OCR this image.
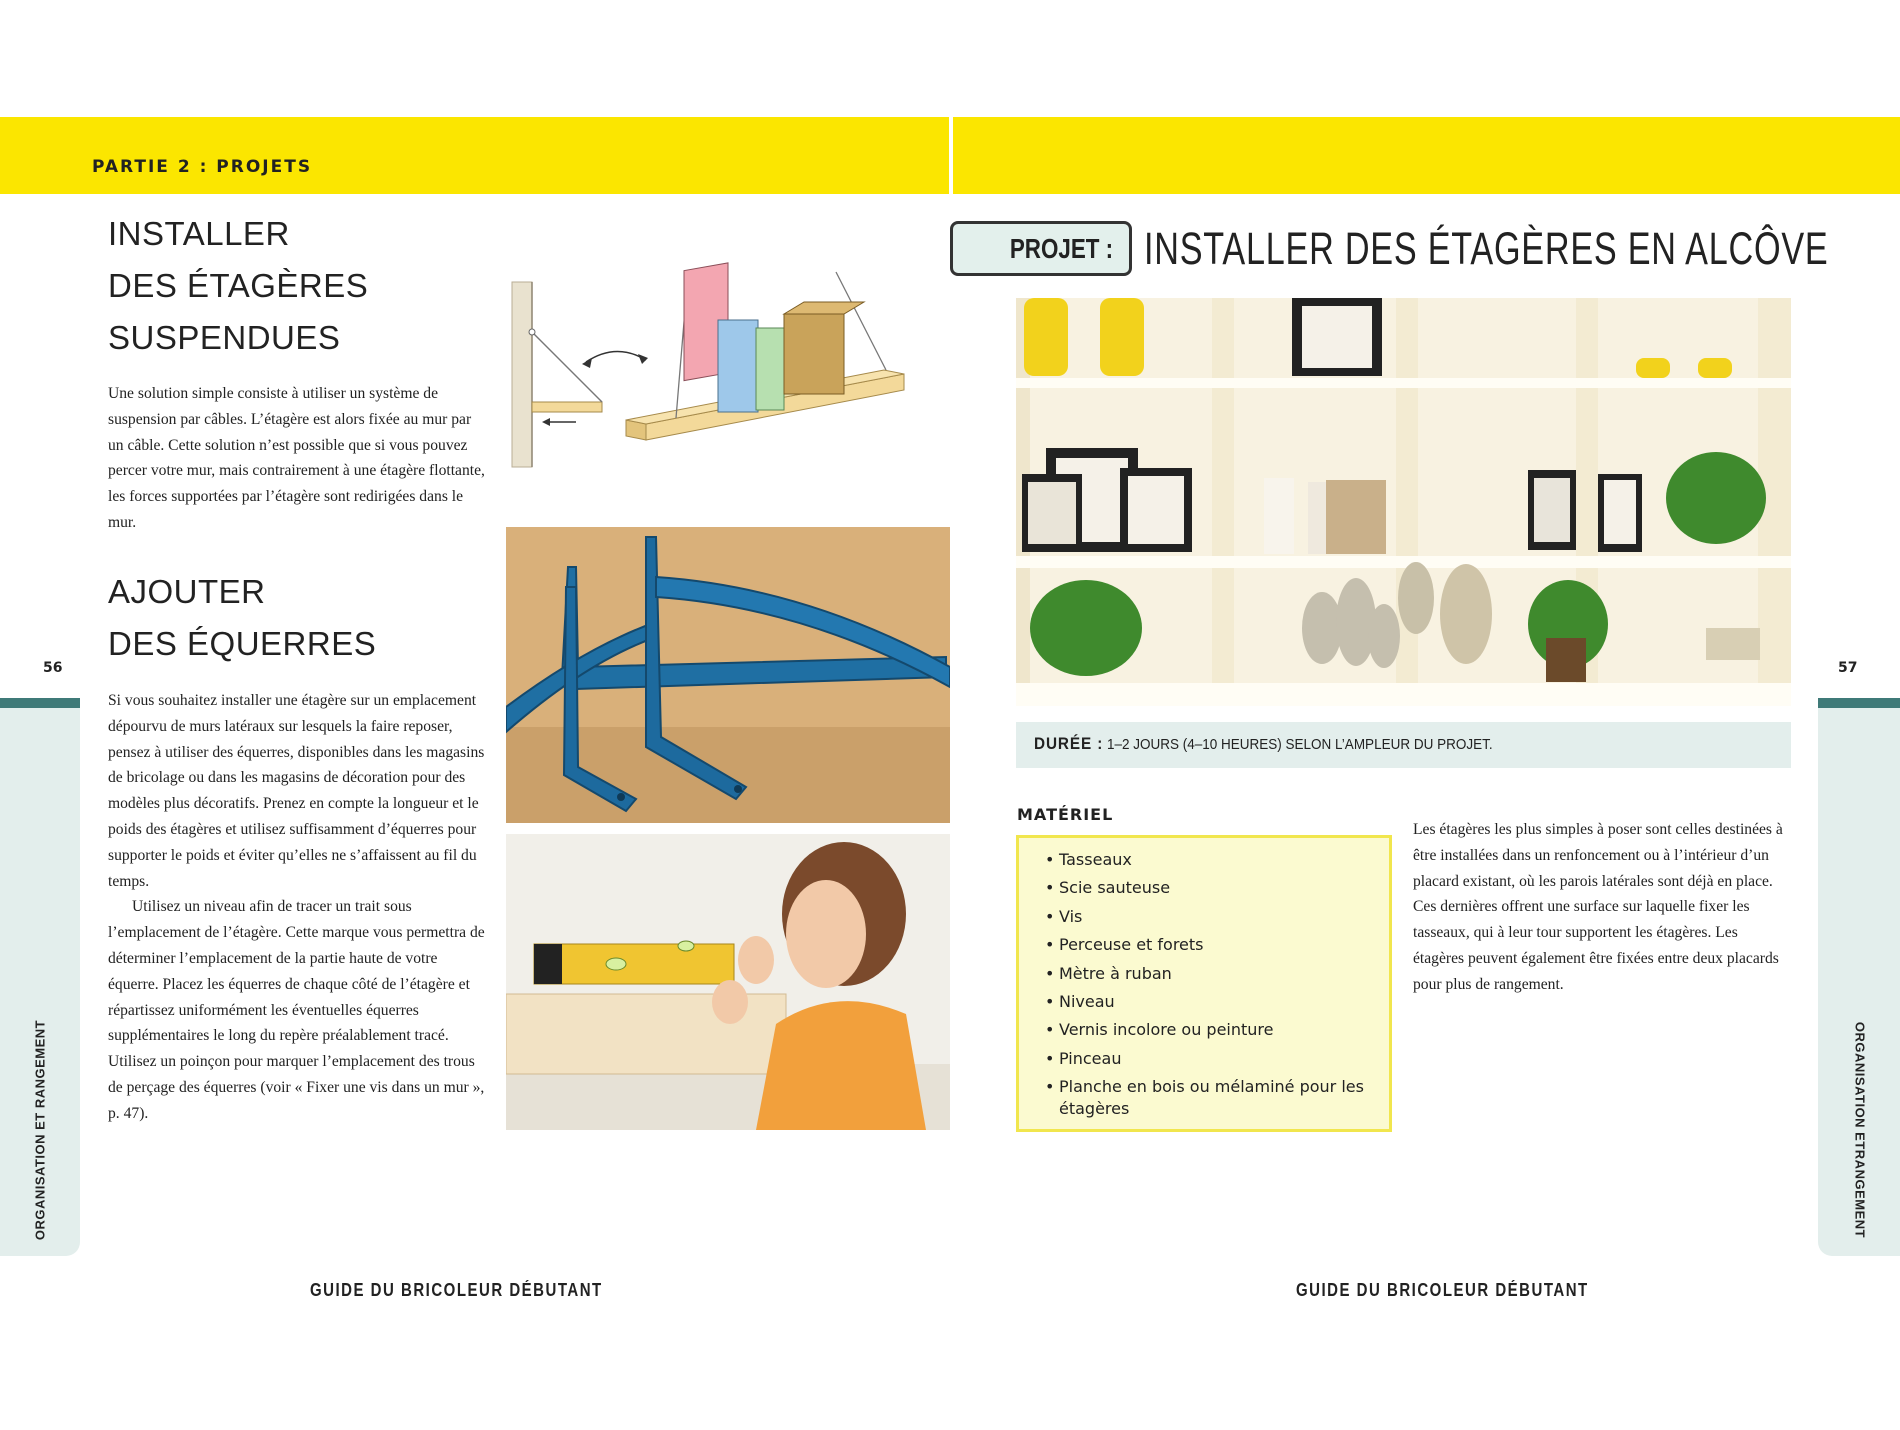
PARTIE 2 : PROJETS
INSTALLER
DES ÉTAGÈRES
SUSPENDUES

Une solution simple consiste à utiliser un système de suspension par câbles. L’étagère est alors fixée au mur par un câble. Cette solution n’est possible que si vous pouvez percer votre mur, mais contrairement à une étagère flottante, les forces supportées par l’étagère sont redirigées dans le mur.

AJOUTER
DES ÉQUERRES
Si vous souhaitez installer une étagère sur un emplacement dépourvu de murs latéraux sur lesquels la faire reposer, pensez à utiliser des équerres, disponibles dans les magasins de bricolage ou dans les magasins de décoration pour des modèles plus décoratifs. Prenez en compte la longueur et le poids des étagères et utilisez suffisamment d’équerres pour supporter le poids et éviter qu’elles ne s’affaissent au fil du temps.
Utilisez un niveau afin de tracer un trait sous l’emplacement de l’étagère. Cette marque vous permettra de déterminer l’emplacement de la partie haute de votre équerre. Placez les équerres de chaque côté de l’étagère et répartissez uniformément les éventuelles équerres supplémentaires le long du repère préalablement tracé. Utilisez un poinçon pour marquer l’emplacement des trous de perçage des équerres (voir « Fixer une vis dans un mur », p. 47).
56
ORGANISATION ET RANGEMENT
GUIDE DU BRICOLEUR DÉBUTANT
PROJET : INSTALLER DES ÉTAGÈRES EN ALCÔVE
DURÉE : 1–2 JOURS (4–10 HEURES) SELON L’AMPLEUR DU PROJET.
MATÉRIEL
• Tasseaux
• Scie sauteuse
• Vis
• Perceuse et forets
• Mètre à ruban
• Niveau
• Vernis incolore ou peinture
• Pinceau
• Planche en bois ou mélaminé pour les étagères

Les étagères les plus simples à poser sont celles destinées à être installées dans un renfoncement ou à l’intérieur d’un placard existant, où les parois latérales sont déjà en place. Ces dernières offrent une surface sur laquelle fixer les tasseaux, qui à leur tour supportent les étagères. Les étagères peuvent également être fixées entre deux placards pour plus de rangement.

57
ORGANISATION ETRANGEMENT
GUIDE DU BRICOLEUR DÉBUTANT
